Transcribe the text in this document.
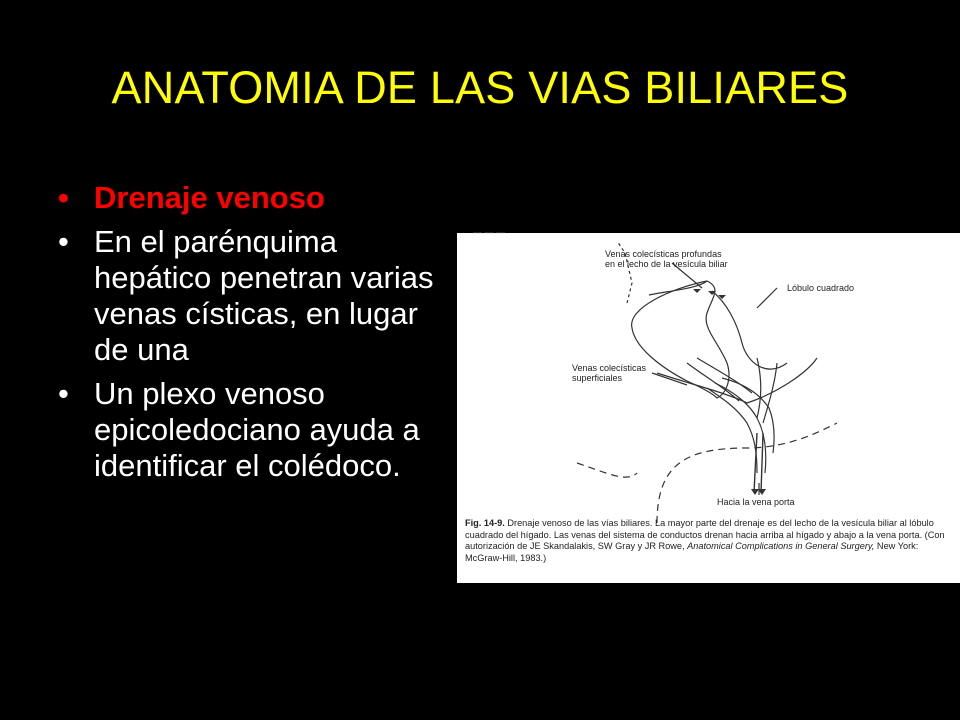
ANATOMIA DE LAS VIAS BILIARES
• Drenaje venoso
• En el parénquima hepático penetran varias venas císticas, en lugar de una
• Un plexo venoso epicoledociano ayuda a identificar el colédoco.
— — —
Venas colecísticas profundas
en el lecho de la vesícula biliar
Lóbulo cuadrado
Venas colecísticas
superficiales
Hacia la vena porta
Fig. 14-9. Drenaje venoso de las vías biliares. La mayor parte del drenaje es del lecho de la vesícula biliar al lóbulo cuadrado del hígado. Las venas del sistema de conductos drenan hacia arriba al hígado y abajo a la vena porta. (Con autorización de JE Skandalakis, SW Gray y JR Rowe, Anatomical Complications in General Surgery, New York: McGraw-Hill, 1983.)
